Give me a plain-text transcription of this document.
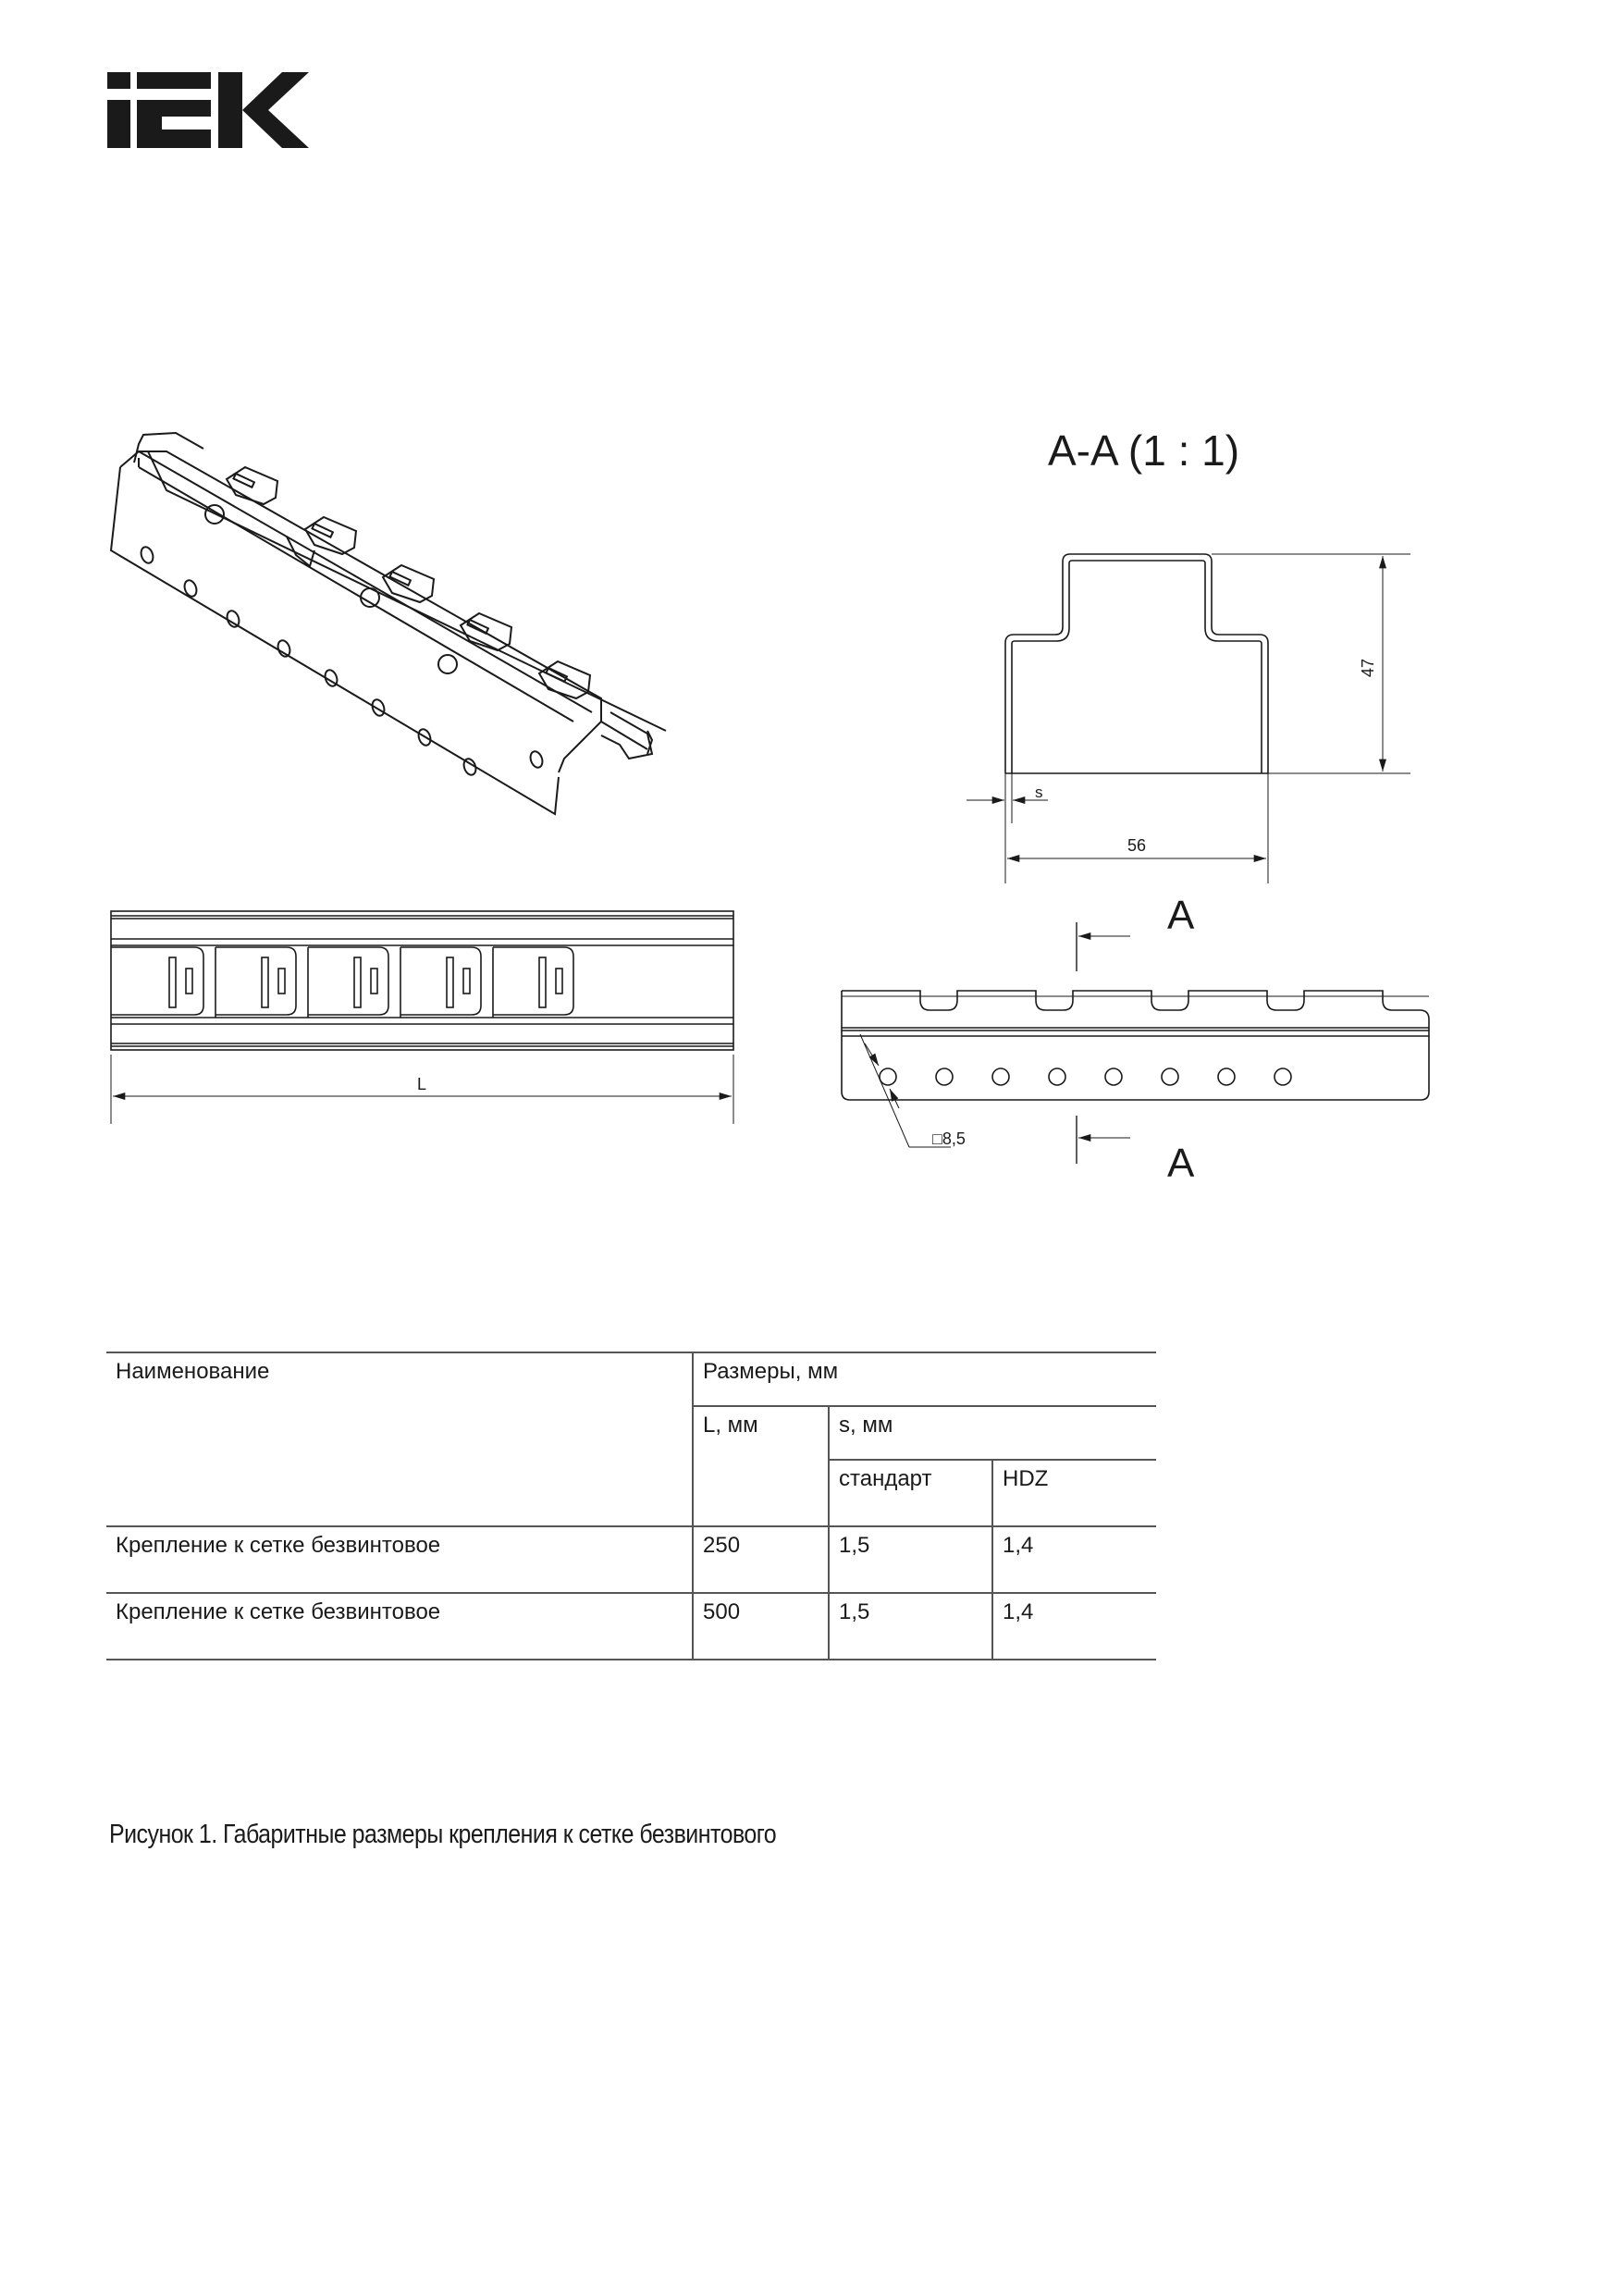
L
□8,5
A
A
A-A (1 : 1)
s
56
47
Наименование	Размеры, мм		
	L, мм	s, мм	
		стандарт	HDZ
Крепление к сетке безвинтовое	250	1,5	1,4
Крепление к сетке безвинтовое	500	1,5	1,4
Рисунок 1. Габаритные размеры крепления к сетке безвинтового
